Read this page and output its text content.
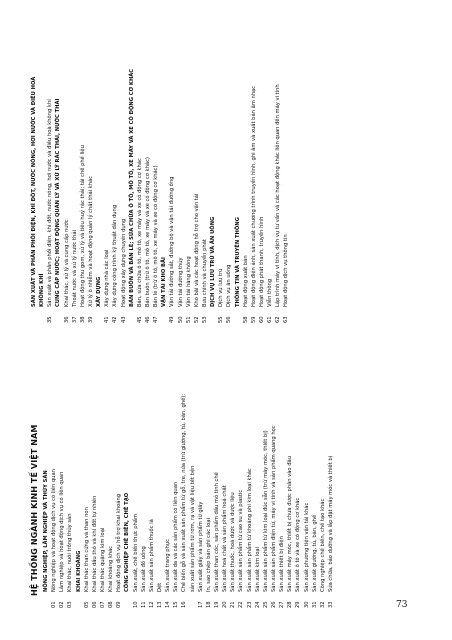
HỆ THỐNG NGÀNH KINH TẾ VIỆT NAM NÔNG NGHIỆP, LÂM NGHIỆP VÀ THỦY SẢN
01
Nông nghiệp và hoạt động dịch vụ có liên quan
02
Lâm nghiệp và hoạt động dịch vụ có liên quan
03
Khai thác, nuôi trồng thủy sản KHAI KHOÁNG
05
Khai thác than cứng và than non
06
Khai thác dầu thô và khí đốt tự nhiên
07
Khai thác quặng kim loại
08
Khai khoáng khác
09
Hoạt động dịch vụ hỗ trợ khai khoáng CÔNG NGHIỆP CHẾ BIẾN, CHẾ TẠO
10
Sản xuất, chế biến thực phẩm
11
Sản xuất đồ uống
12
Sản xuất sản phẩm thuốc lá
13
Dệt
14
Sản xuất trang phục
15
Sản xuất da và các sản phẩm có liên quan
16
Chế biến gỗ và sản xuất sản phẩm từ gỗ, tre, nứa (trừ giường, tủ, bàn, ghế); sản xuất sản phẩm từ rơm, rạ và vật liệu tết bện
17
Sản xuất giấy và sản phẩm từ giấy
18
In, sao chép bản ghi các loại
19
Sản xuất than cốc, sản phẩm dầu mỏ tinh chế
20
Sản xuất hoá chất và sản phẩm hoá chất
21
Sản xuất thuốc, hoá dược và dược liệu
22
Sản xuất sản phẩm từ cao su và plastic
23
Sản xuất sản phẩm từ khoáng phi kim loại khác
24
Sản xuất kim loại
25
Sản xuất sản phẩm từ kim loại đúc sẵn (trừ máy móc, thiết bị)
26
Sản xuất sản phẩm điện tử, máy vi tính và sản phẩm quang học
27
Sản xuất thiết bị điện
28
Sản xuất máy móc, thiết bị chưa được phân vào đâu
29
Sản xuất ô tô và xe có động cơ khác
30
Sản xuất phương tiện vận tải khác
31
Sản xuất giường, tủ, bàn, ghế
32
Công nghiệp chế biến, chế tạo khác
33
Sửa chữa, bảo dưỡng và lắp đặt máy móc và thiết bị
SẢN XUẤT VÀ PHÂN PHỐI ĐIỆN, KHÍ ĐỐT, NƯỚC NÓNG, HƠI NƯỚC VÀ ĐIỀU HOÀ KHÔNG KHÍ
35
Sản xuất và phân phối điện, khí đốt, nước nóng, hơi nước và điều hoà không khí CUNG CẤP NƯỚC; HOẠT ĐỘNG QUẢN LÝ VÀ XỬ LÝ RÁC THẢI, NƯỚC THẢI
36
Khai thác, xử lý và cung cấp nước
37
Thoát nước và xử lý nước thải
38
Hoạt động thu gom, xử lý và tiêu huỷ rác thải; tái chế phế liệu
39
Xử lý ô nhiễm và hoạt động quản lý chất thải khác XÂY DỰNG
41
Xây dựng nhà các loại
42
Xây dựng công trình kỹ thuật dân dụng
43
Hoạt động xây dựng chuyên dụng BÁN BUÔN VÀ BÁN LẺ; SỬA CHỮA Ô TÔ, MÔ TÔ, XE MÁY VÀ XE CÓ ĐỘNG CƠ KHÁC
45
Bán, sửa chữa ô tô, mô tô, xe máy và xe có động cơ khác
46
Bán buôn (trừ ô tô, mô tô, xe máy và xe có động cơ khác)
47
Bán lẻ (trừ ô tô, mô tô, xe máy và xe có động cơ khác) VẬN TẢI KHO BÃI
49
Vận tải đường sắt, đường bộ và vận tải đường ống
50
Vận tải đường thủy
51
Vận tải hàng không
52
Kho bãi và các hoạt động hỗ trợ cho vận tải
53
Bưu chính và chuyển phát DỊCH VỤ LƯU TRÚ VÀ ĂN UỐNG
55
Dịch vụ lưu trú
56
Dịch vụ ăn uống THÔNG TIN VÀ TRUYỀN THÔNG
58
Hoạt động xuất bản
59
Hoạt động điện ảnh, sản xuất chương trình truyền hình, ghi âm và xuất bản âm nhạc
60
Hoạt động phát thanh, truyền hình
61
Viễn thông
62
Lập trình máy vi tính, dịch vụ tư vấn và các hoạt động khác liên quan đến máy vi tính
63
Hoạt động dịch vụ thông tin
73
